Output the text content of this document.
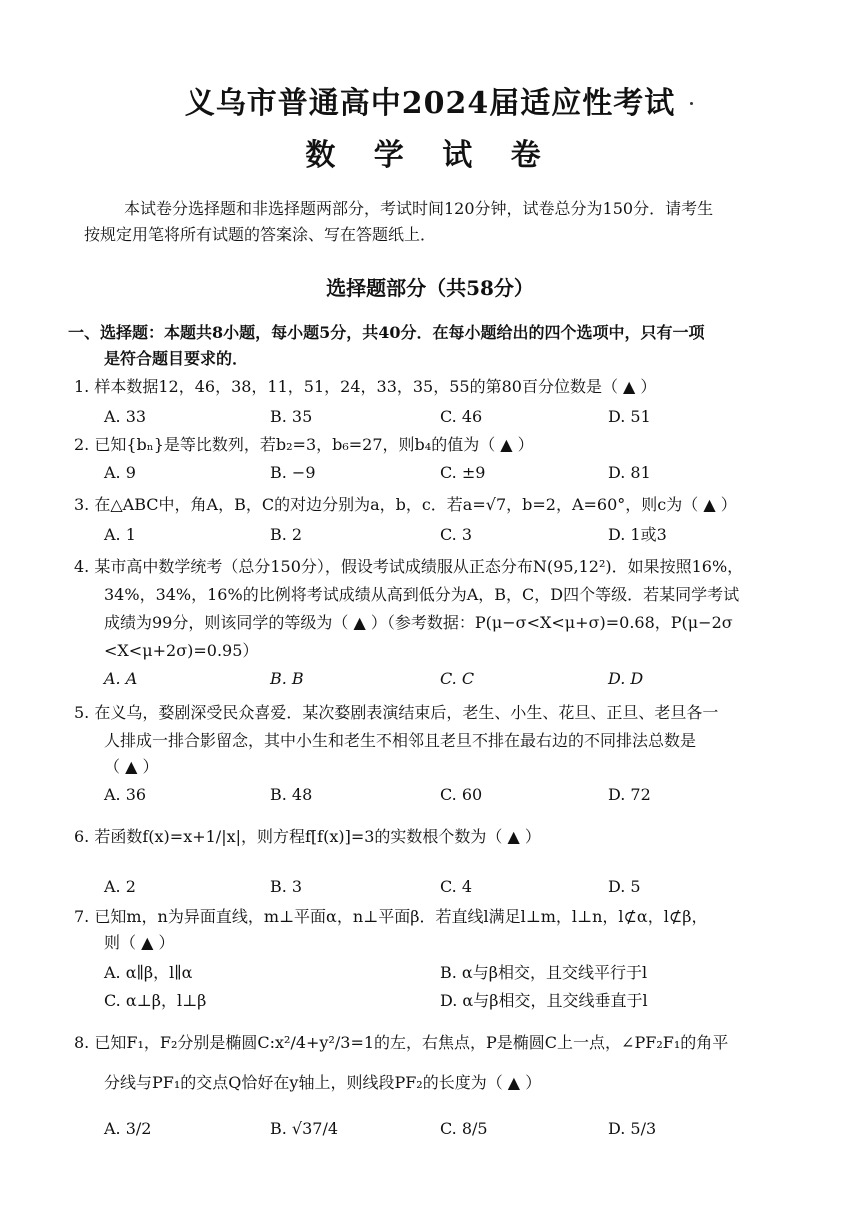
义乌市普通高中2024届适应性考试
数 学 试 卷
本试卷分选择题和非选择题两部分，考试时间120分钟，试卷总分为150分．请考生
按规定用笔将所有试题的答案涂、写在答题纸上．
选择题部分（共58分）
一、选择题：本题共8小题，每小题5分，共40分．在每小题给出的四个选项中，只有一项
是符合题目要求的．
1. 样本数据12，46，38，11，51，24，33，35，55的第80百分位数是（ ▲ ）
A. 33	B. 35	C. 46	D. 51
2. 已知{bₙ}是等比数列，若b₂=3，b₆=27，则b₄的值为（ ▲ ）
A. 9	B. −9	C. ±9	D. 81
3. 在△ABC中，角A，B，C的对边分别为a，b，c．若a=√7，b=2，A=60°，则c为（ ▲ ）
A. 1	B. 2	C. 3	D. 1或3
4. 某市高中数学统考（总分150分），假设考试成绩服从正态分布N(95,12²)．如果按照16%，
34%，34%，16%的比例将考试成绩从高到低分为A，B，C，D四个等级．若某同学考试
成绩为99分，则该同学的等级为（ ▲ ）（参考数据：P(μ−σ<X<μ+σ)=0.68，P(μ−2σ
<X<μ+2σ)=0.95）
A. A	B. B	C. C	D. D
5. 在义乌，婺剧深受民众喜爱．某次婺剧表演结束后，老生、小生、花旦、正旦、老旦各一
人排成一排合影留念，其中小生和老生不相邻且老旦不排在最右边的不同排法总数是
（ ▲ ）
A. 36	B. 48	C. 60	D. 72
6. 若函数f(x)=x+1/|x|，则方程f[f(x)]=3的实数根个数为（ ▲ ）
A. 2	B. 3	C. 4	D. 5
7. 已知m，n为异面直线，m⊥平面α，n⊥平面β．若直线l满足l⊥m，l⊥n，l⊄α，l⊄β，
则（ ▲ ）
A. α∥β，l∥α	B. α与β相交，且交线平行于l
C. α⊥β，l⊥β	D. α与β相交，且交线垂直于l
8. 已知F₁，F₂分别是椭圆C:x²/4+y²/3=1的左，右焦点，P是椭圆C上一点，∠PF₂F₁的角平
分线与PF₁的交点Q恰好在y轴上，则线段PF₂的长度为（ ▲ ）
A. 3/2	B. √37/4	C. 8/5	D. 5/3
